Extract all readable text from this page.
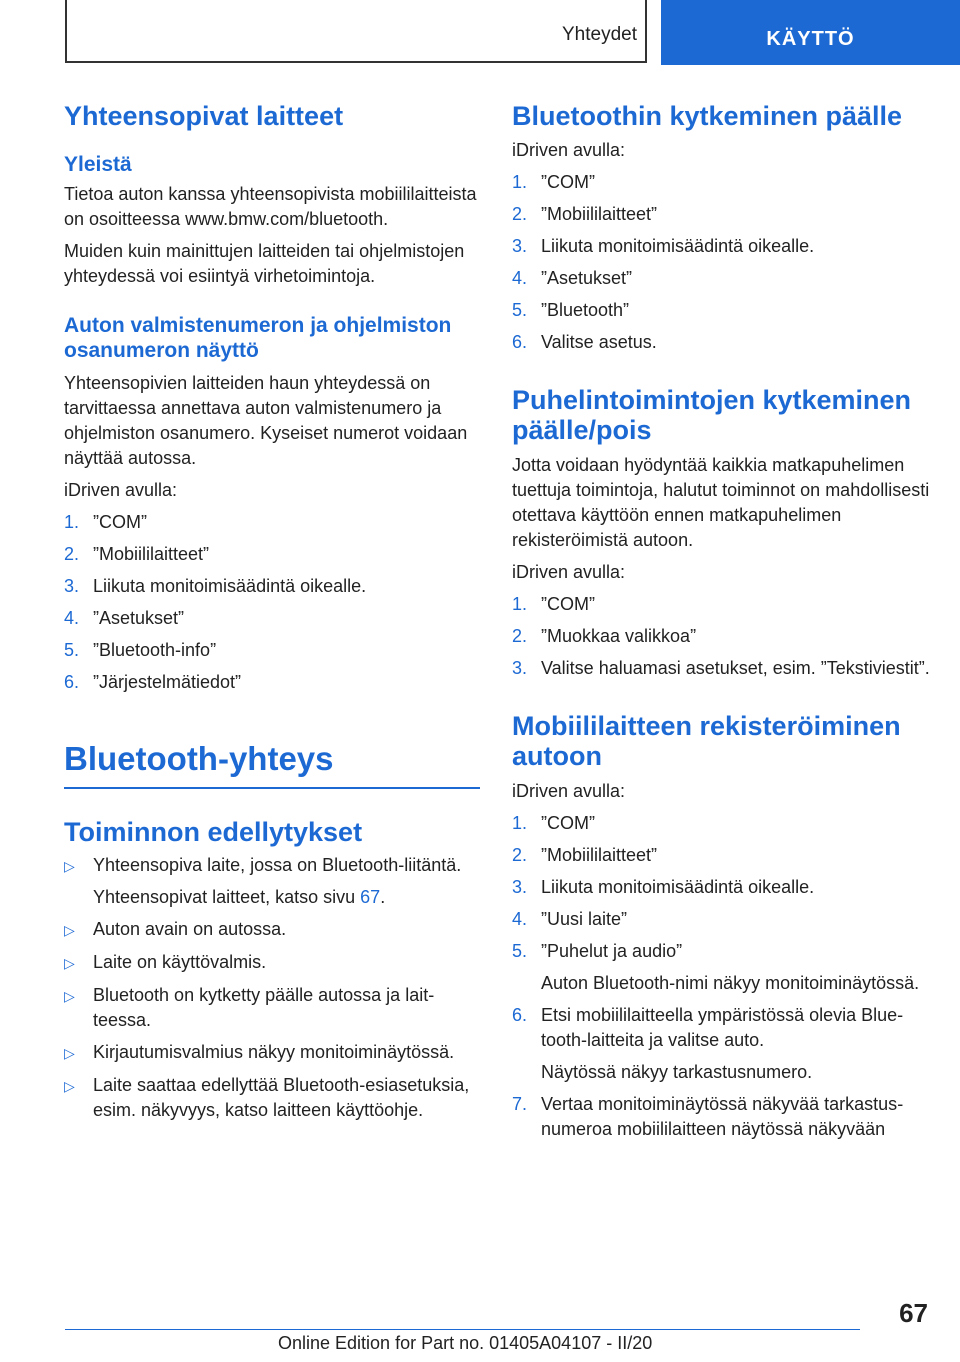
Yhteydet	KÄYTTÖ
Yhteensopivat laitteet
Yleistä

Tietoa auton kanssa yhteensopivista mobiililaitteista on osoitteessa www.bmw.com/bluetooth.

Muiden kuin mainittujen laitteiden tai ohjelmistojen yhteydessä voi esiintyä virhetoimintoja.

Auton valmistenumeron ja ohjelmiston osanumeron näyttö

Yhteensopivien laitteiden haun yhteydessä on tarvittaessa annettava auton valmistenumero ja ohjelmiston osanumero. Kyseiset numerot voidaan näyttää autossa.

iDriven avulla:

1. ”COM”
2. ”Mobiililaitteet”
3. Liikuta monitoimisäädintä oikealle.
4. ”Asetukset”
5. ”Bluetooth-info”
6. ”Järjestelmätiedot”
Bluetooth-yhteys
Toiminnon edellytykset
▷	Yhteensopiva laite, jossa on Bluetooth-liitäntä.
Yhteensopivat laitteet, katso sivu 67.
▷	Auton avain on autossa.
▷	Laite on käyttövalmis.
▷	Bluetooth on kytketty päälle autossa ja laitteessa.
▷	Kirjautumisvalmius näkyy monitoiminäytössä.
▷	Laite saattaa edellyttää Bluetooth-esiasetuksia, esim. näkyvyys, katso laitteen käyttöohje.
Bluetoothin kytkeminen päälle

iDriven avulla:

1. ”COM”
2. ”Mobiililaitteet”
3. Liikuta monitoimisäädintä oikealle.
4. ”Asetukset”
5. ”Bluetooth”
6. Valitse asetus.
Puhelintoimintojen kytkeminen päälle/pois

Jotta voidaan hyödyntää kaikkia matkapuhelimen tuettuja toimintoja, halutut toiminnot on mahdollisesti otettava käyttöön ennen matkapuhelimen rekisteröimistä autoon.

iDriven avulla:

1. ”COM”
2. ”Muokkaa valikkoa”
3. Valitse haluamasi asetukset, esim. ”Tekstiviestit”.
Mobiililaitteen rekisteröiminen autoon

iDriven avulla:

1. ”COM”
2. ”Mobiililaitteet”
3. Liikuta monitoimisäädintä oikealle.
4. ”Uusi laite”
5. ”Puhelut ja audio”
Auton Bluetooth-nimi näkyy monitoiminäytössä.
6. Etsi mobiililaitteella ympäristössä olevia Bluetooth-laitteita ja valitse auto.
Näytössä näkyy tarkastusnumero.
7. Vertaa monitoiminäytössä näkyvää tarkastusnumeroa mobiililaitteen näytössä näkyvään
67
Online Edition for Part no. 01405A04107 - II/20
